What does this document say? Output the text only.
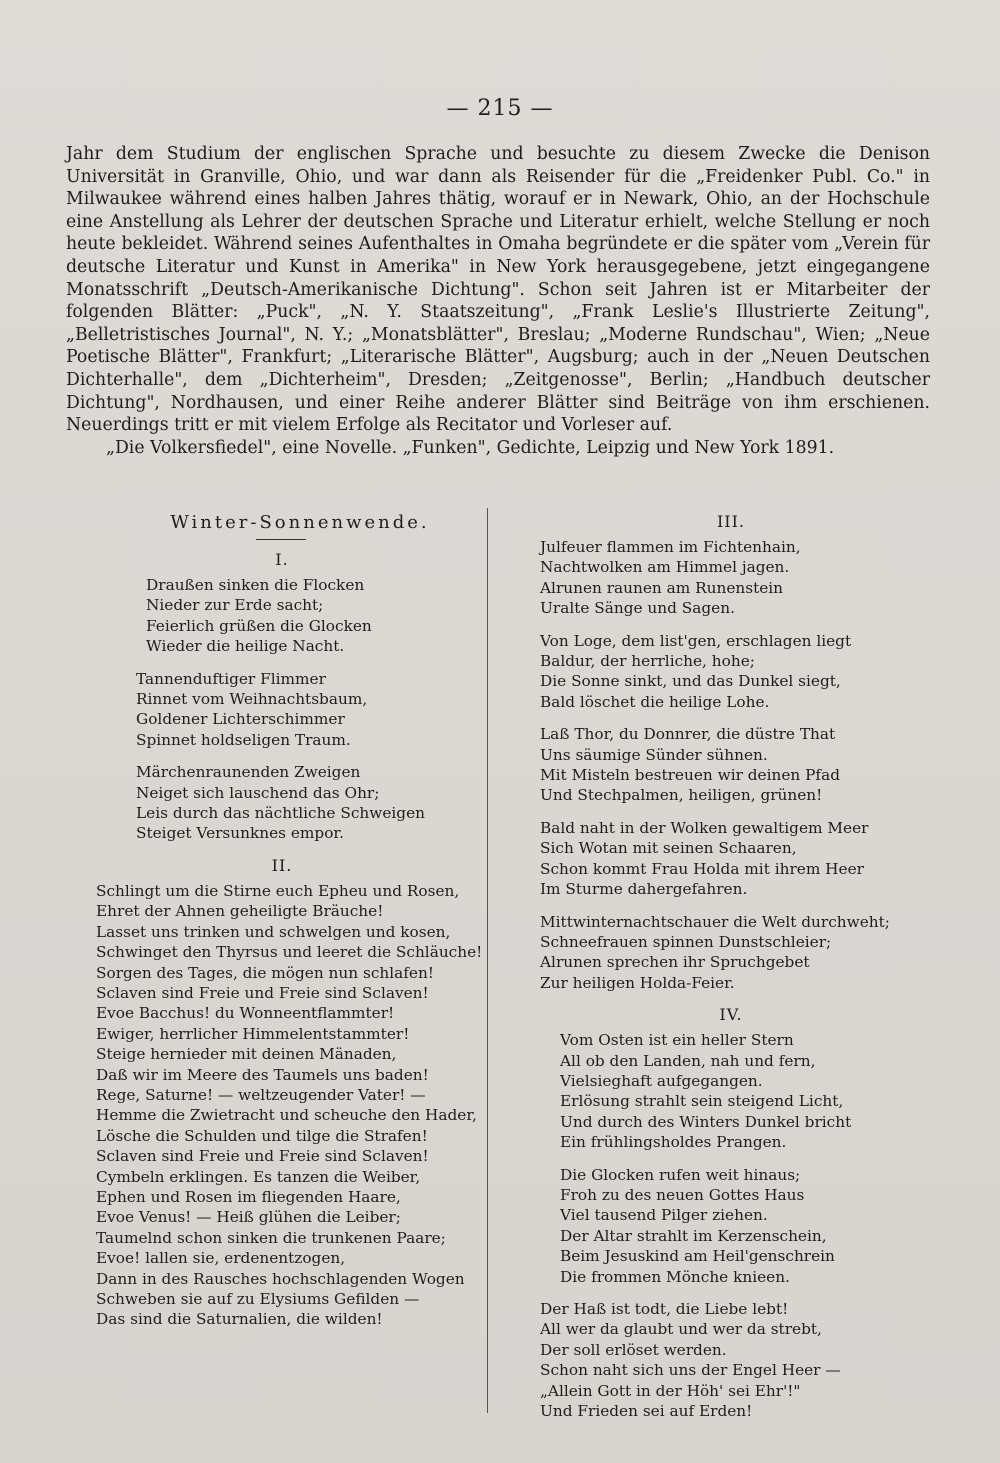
— 215 —

Jahr dem Studium der englischen Sprache und besuchte zu diesem Zwecke die Denison Universität in Granville, Ohio, und war dann als Reisender für die „Freidenker Publ. Co." in Milwaukee während eines halben Jahres thätig, worauf er in Newark, Ohio, an der Hochschule eine Anstellung als Lehrer der deutschen Sprache und Literatur erhielt, welche Stellung er noch heute bekleidet. Während seines Aufenthaltes in Omaha begründete er die später vom „Verein für deutsche Literatur und Kunst in Amerika" in New York herausgegebene, jetzt eingegangene Monatsschrift „Deutsch-Amerikanische Dichtung". Schon seit Jahren ist er Mitarbeiter der folgenden Blätter: „Puck", „N. Y. Staatszeitung", „Frank Leslie's Illustrierte Zeitung", „Belletristisches Journal", N. Y.; „Monatsblätter", Breslau; „Moderne Rundschau", Wien; „Neue Poetische Blätter", Frankfurt; „Literarische Blätter", Augsburg; auch in der „Neuen Deutschen Dichterhalle", dem „Dichterheim", Dresden; „Zeitgenosse", Berlin; „Handbuch deutscher Dichtung", Nordhausen, und einer Reihe anderer Blätter sind Beiträge von ihm erschienen. Neuerdings tritt er mit vielem Erfolge als Recitator und Vorleser auf.

„Die Volkersfiedel", eine Novelle. „Funken", Gedichte, Leipzig und New York 1891.

Winter-Sonnenwende.
I.
Draußen sinken die Flocken
Nieder zur Erde sacht;
Feierlich grüßen die Glocken
Wieder die heilige Nacht.
Tannenduftiger Flimmer
Rinnet vom Weihnachtsbaum,
Goldener Lichterschimmer
Spinnet holdseligen Traum.
Märchenraunenden Zweigen
Neiget sich lauschend das Ohr;
Leis durch das nächtliche Schweigen
Steiget Versunknes empor.
II.
Schlingt um die Stirne euch Epheu und Rosen,
Ehret der Ahnen geheiligte Bräuche!
Lasset uns trinken und schwelgen und kosen,
Schwinget den Thyrsus und leeret die Schläuche!
Sorgen des Tages, die mögen nun schlafen!
Sclaven sind Freie und Freie sind Sclaven!
Evoe Bacchus! du Wonneentflammter!
Ewiger, herrlicher Himmelentstammter!
Steige hernieder mit deinen Mänaden,
Daß wir im Meere des Taumels uns baden!
Rege, Saturne! — weltzeugender Vater! —
Hemme die Zwietracht und scheuche den Hader,
Lösche die Schulden und tilge die Strafen!
Sclaven sind Freie und Freie sind Sclaven!
Cymbeln erklingen. Es tanzen die Weiber,
Ephen und Rosen im fliegenden Haare,
Evoe Venus! — Heiß glühen die Leiber;
Taumelnd schon sinken die trunkenen Paare;
Evoe! lallen sie, erdenentzogen,
Dann in des Rausches hochschlagenden Wogen
Schweben sie auf zu Elysiums Gefilden —
Das sind die Saturnalien, die wilden!
III.
Julfeuer flammen im Fichtenhain,
Nachtwolken am Himmel jagen.
Alrunen raunen am Runenstein
Uralte Sänge und Sagen.
Von Loge, dem list'gen, erschlagen liegt
Baldur, der herrliche, hohe;
Die Sonne sinkt, und das Dunkel siegt,
Bald löschet die heilige Lohe.
Laß Thor, du Donnrer, die düstre That
Uns säumige Sünder sühnen.
Mit Misteln bestreuen wir deinen Pfad
Und Stechpalmen, heiligen, grünen!
Bald naht in der Wolken gewaltigem Meer
Sich Wotan mit seinen Schaaren,
Schon kommt Frau Holda mit ihrem Heer
Im Sturme dahergefahren.
Mittwinternachtschauer die Welt durchweht;
Schneefrauen spinnen Dunstschleier;
Alrunen sprechen ihr Spruchgebet
Zur heiligen Holda-Feier.
IV.
Vom Osten ist ein heller Stern
All ob den Landen, nah und fern,
Vielsieghaft aufgegangen.
Erlösung strahlt sein steigend Licht,
Und durch des Winters Dunkel bricht
Ein frühlingsholdes Prangen.
Die Glocken rufen weit hinaus;
Froh zu des neuen Gottes Haus
Viel tausend Pilger ziehen.
Der Altar strahlt im Kerzenschein,
Beim Jesuskind am Heil'genschrein
Die frommen Mönche knieen.
Der Haß ist todt, die Liebe lebt!
All wer da glaubt und wer da strebt,
Der soll erlöset werden.
Schon naht sich uns der Engel Heer —
„Allein Gott in der Höh' sei Ehr'!"
Und Frieden sei auf Erden!
